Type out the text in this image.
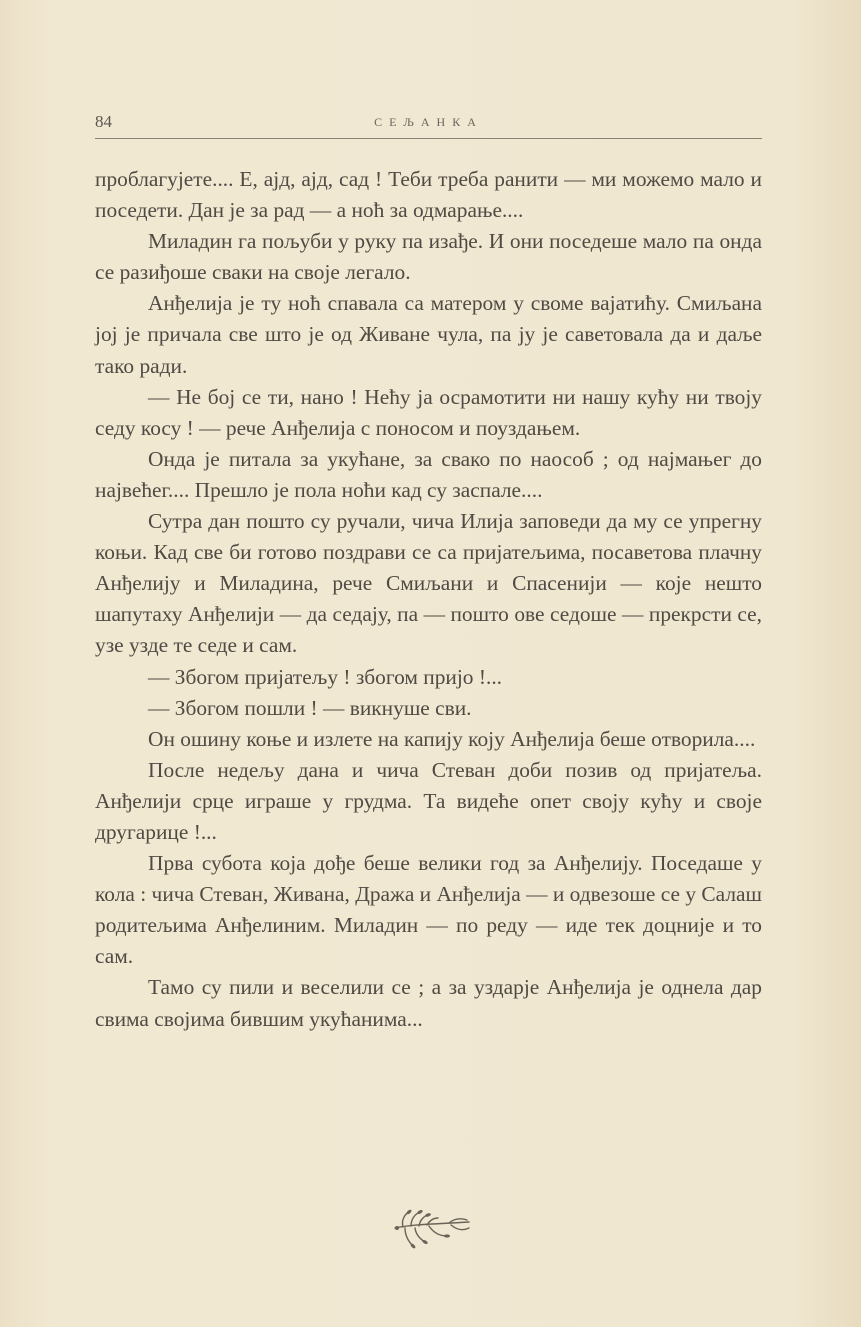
84	СЕЉАНКА

проблагујете.... Е, ајд, ајд, сад ! Теби треба ранити — ми можемо мало и поседети. Дан је за рад — а ноћ за одмарање....

Миладин га пољуби у руку па изађе. И они поседеше мало па онда се разиђоше сваки на своје легало.

Анђелија је ту ноћ спавала са матером у своме вајатићу. Смиљана јој је причала све што је од Живане чула, па ју је саветовала да и даље тако ради.

— Не бој се ти, нано ! Нећу ја осрамотити ни нашу кућу ни твоју седу косу ! — рече Анђелија с поносом и поуздањем.

Онда је питала за укућане, за свако по наособ ; од најмањег до највећег.... Прешло је пола ноћи кад су заспале....

Сутра дан пошто су ручали, чича Илија заповеди да му се упрегну коњи. Кад све би готово поздрави се са пријатељима, посаветова плачну Анђелију и Миладина, рече Смиљани и Спасенији — које нешто шапутаху Анђелији — да седају, па — пошто ове седоше — прекрсти се, узе узде те седе и сам.

— Збогом пријатељу ! збогом пријо !...

— Збогом пошли ! — викнуше сви.

Он ошину коње и излете на капију коју Анђелија беше отворила....

После недељу дана и чича Стеван доби позив од пријатеља. Анђелији срце играше у грудма. Та видеће опет своју кућу и своје другарице !...

Прва субота која дође беше велики год за Анђелију. Поседаше у кола : чича Стеван, Живана, Дража и Анђелија — и одвезоше се у Салаш родитељима Анђелиним. Миладин — по реду — иде тек доцније и то сам.

Тамо су пили и веселили се ; а за уздарје Анђелија је однела дар свима својима бившим укућанима...
